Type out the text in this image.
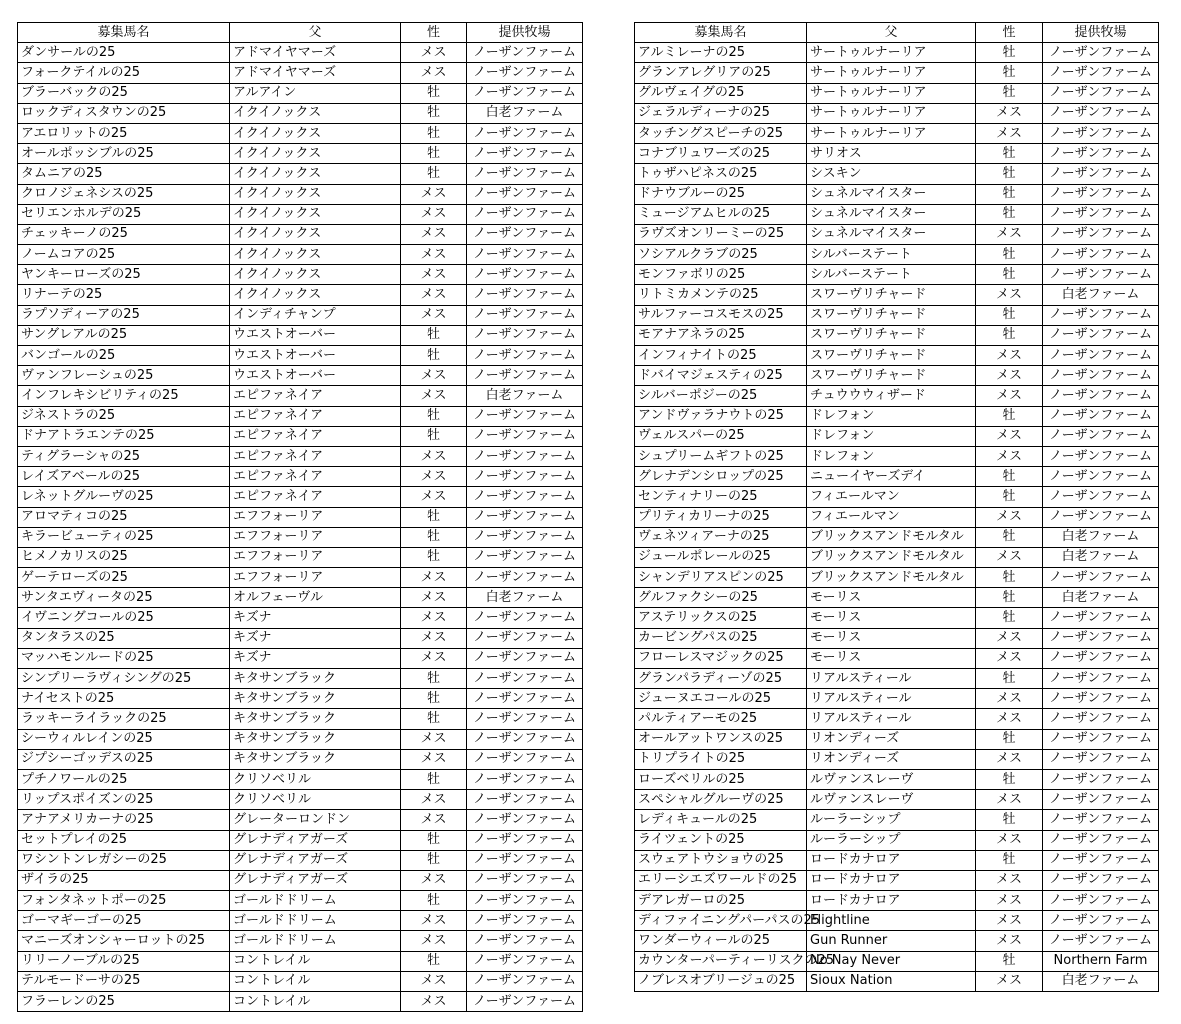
募集馬名	父	性	提供牧場
ダンサールの25	アドマイヤマーズ	メス	ノーザンファーム
フォークテイルの25	アドマイヤマーズ	メス	ノーザンファーム
ブラーバックの25	アルアイン	牡	ノーザンファーム
ロックディスタウンの25	イクイノックス	牡	白老ファーム
アエロリットの25	イクイノックス	牡	ノーザンファーム
オールポッシブルの25	イクイノックス	牡	ノーザンファーム
タムニアの25	イクイノックス	牡	ノーザンファーム
クロノジェネシスの25	イクイノックス	メス	ノーザンファーム
セリエンホルデの25	イクイノックス	メス	ノーザンファーム
チェッキーノの25	イクイノックス	メス	ノーザンファーム
ノームコアの25	イクイノックス	メス	ノーザンファーム
ヤンキーローズの25	イクイノックス	メス	ノーザンファーム
リナーテの25	イクイノックス	メス	ノーザンファーム
ラプソディーアの25	インディチャンプ	メス	ノーザンファーム
サングレアルの25	ウエストオーバー	牡	ノーザンファーム
バンゴールの25	ウエストオーバー	牡	ノーザンファーム
ヴァンフレーシュの25	ウエストオーバー	メス	ノーザンファーム
インフレキシビリティの25	エピファネイア	メス	白老ファーム
ジネストラの25	エピファネイア	牡	ノーザンファーム
ドナアトラエンテの25	エピファネイア	牡	ノーザンファーム
ティグラーシャの25	エピファネイア	メス	ノーザンファーム
レイズアベールの25	エピファネイア	メス	ノーザンファーム
レネットグルーヴの25	エピファネイア	メス	ノーザンファーム
アロマティコの25	エフフォーリア	牡	ノーザンファーム
キラービューティの25	エフフォーリア	牡	ノーザンファーム
ヒメノカリスの25	エフフォーリア	牡	ノーザンファーム
ゲーテローズの25	エフフォーリア	メス	ノーザンファーム
サンタエヴィータの25	オルフェーヴル	メス	白老ファーム
イヴニングコールの25	キズナ	メス	ノーザンファーム
タンタラスの25	キズナ	メス	ノーザンファーム
マッハモンルードの25	キズナ	メス	ノーザンファーム
シンプリーラヴィシングの25	キタサンブラック	牡	ノーザンファーム
ナイセストの25	キタサンブラック	牡	ノーザンファーム
ラッキーライラックの25	キタサンブラック	牡	ノーザンファーム
シーウィルレインの25	キタサンブラック	メス	ノーザンファーム
ジプシーゴッデスの25	キタサンブラック	メス	ノーザンファーム
プチノワールの25	クリソベリル	牡	ノーザンファーム
リップスポイズンの25	クリソベリル	メス	ノーザンファーム
アナアメリカーナの25	グレーターロンドン	メス	ノーザンファーム
セットプレイの25	グレナディアガーズ	牡	ノーザンファーム
ワシントンレガシーの25	グレナディアガーズ	牡	ノーザンファーム
ザイラの25	グレナディアガーズ	メス	ノーザンファーム
フォンタネットポーの25	ゴールドドリーム	牡	ノーザンファーム
ゴーマギーゴーの25	ゴールドドリーム	メス	ノーザンファーム
マニーズオンシャーロットの25	ゴールドドリーム	メス	ノーザンファーム
リリーノーブルの25	コントレイル	牡	ノーザンファーム
テルモードーサの25	コントレイル	メス	ノーザンファーム
フラーレンの25	コントレイル	メス	ノーザンファーム
募集馬名	父	性	提供牧場
アルミレーナの25	サートゥルナーリア	牡	ノーザンファーム
グランアレグリアの25	サートゥルナーリア	牡	ノーザンファーム
グルヴェイグの25	サートゥルナーリア	牡	ノーザンファーム
ジェラルディーナの25	サートゥルナーリア	メス	ノーザンファーム
タッチングスピーチの25	サートゥルナーリア	メス	ノーザンファーム
コナブリュワーズの25	サリオス	牡	ノーザンファーム
トゥザハピネスの25	シスキン	牡	ノーザンファーム
ドナウブルーの25	シュネルマイスター	牡	ノーザンファーム
ミュージアムヒルの25	シュネルマイスター	牡	ノーザンファーム
ラヴズオンリーミーの25	シュネルマイスター	メス	ノーザンファーム
ソシアルクラブの25	シルバーステート	牡	ノーザンファーム
モンファボリの25	シルバーステート	牡	ノーザンファーム
リトミカメンテの25	スワーヴリチャード	メス	白老ファーム
サルファーコスモスの25	スワーヴリチャード	牡	ノーザンファーム
モアナアネラの25	スワーヴリチャード	牡	ノーザンファーム
インフィナイトの25	スワーヴリチャード	メス	ノーザンファーム
ドバイマジェスティの25	スワーヴリチャード	メス	ノーザンファーム
シルバーポジーの25	チュウウウィザード	メス	ノーザンファーム
アンドヴァラナウトの25	ドレフォン	牡	ノーザンファーム
ヴェルスパーの25	ドレフォン	メス	ノーザンファーム
シュプリームギフトの25	ドレフォン	メス	ノーザンファーム
グレナデンシロップの25	ニューイヤーズデイ	牡	ノーザンファーム
センティナリーの25	フィエールマン	牡	ノーザンファーム
プリティカリーナの25	フィエールマン	メス	ノーザンファーム
ヴェネツィアーナの25	ブリックスアンドモルタル	牡	白老ファーム
ジュールポレールの25	ブリックスアンドモルタル	メス	白老ファーム
シャンデリアスピンの25	ブリックスアンドモルタル	牡	ノーザンファーム
グルファクシーの25	モーリス	牡	白老ファーム
アステリックスの25	モーリス	牡	ノーザンファーム
カービングパスの25	モーリス	メス	ノーザンファーム
フローレスマジックの25	モーリス	メス	ノーザンファーム
グランパラディーゾの25	リアルスティール	牡	ノーザンファーム
ジューヌエコールの25	リアルスティール	メス	ノーザンファーム
パルティアーモの25	リアルスティール	メス	ノーザンファーム
オールアットワンスの25	リオンディーズ	牡	ノーザンファーム
トリプライトの25	リオンディーズ	メス	ノーザンファーム
ローズベリルの25	ルヴァンスレーヴ	牡	ノーザンファーム
スペシャルグルーヴの25	ルヴァンスレーヴ	メス	ノーザンファーム
レディキュールの25	ルーラーシップ	牡	ノーザンファーム
ライツェントの25	ルーラーシップ	メス	ノーザンファーム
スウェアトウショウの25	ロードカナロア	牡	ノーザンファーム
エリーシエズワールドの25	ロードカナロア	メス	ノーザンファーム
デアレガーロの25	ロードカナロア	メス	ノーザンファーム
ディファイニングパーパスの25	Flightline	メス	ノーザンファーム
ワンダーウィールの25	Gun Runner	メス	ノーザンファーム
カウンターパーティーリスクの25	No Nay Never	牡	Northern Farm
ノブレスオブリージュの25	Sioux Nation	メス	白老ファーム
